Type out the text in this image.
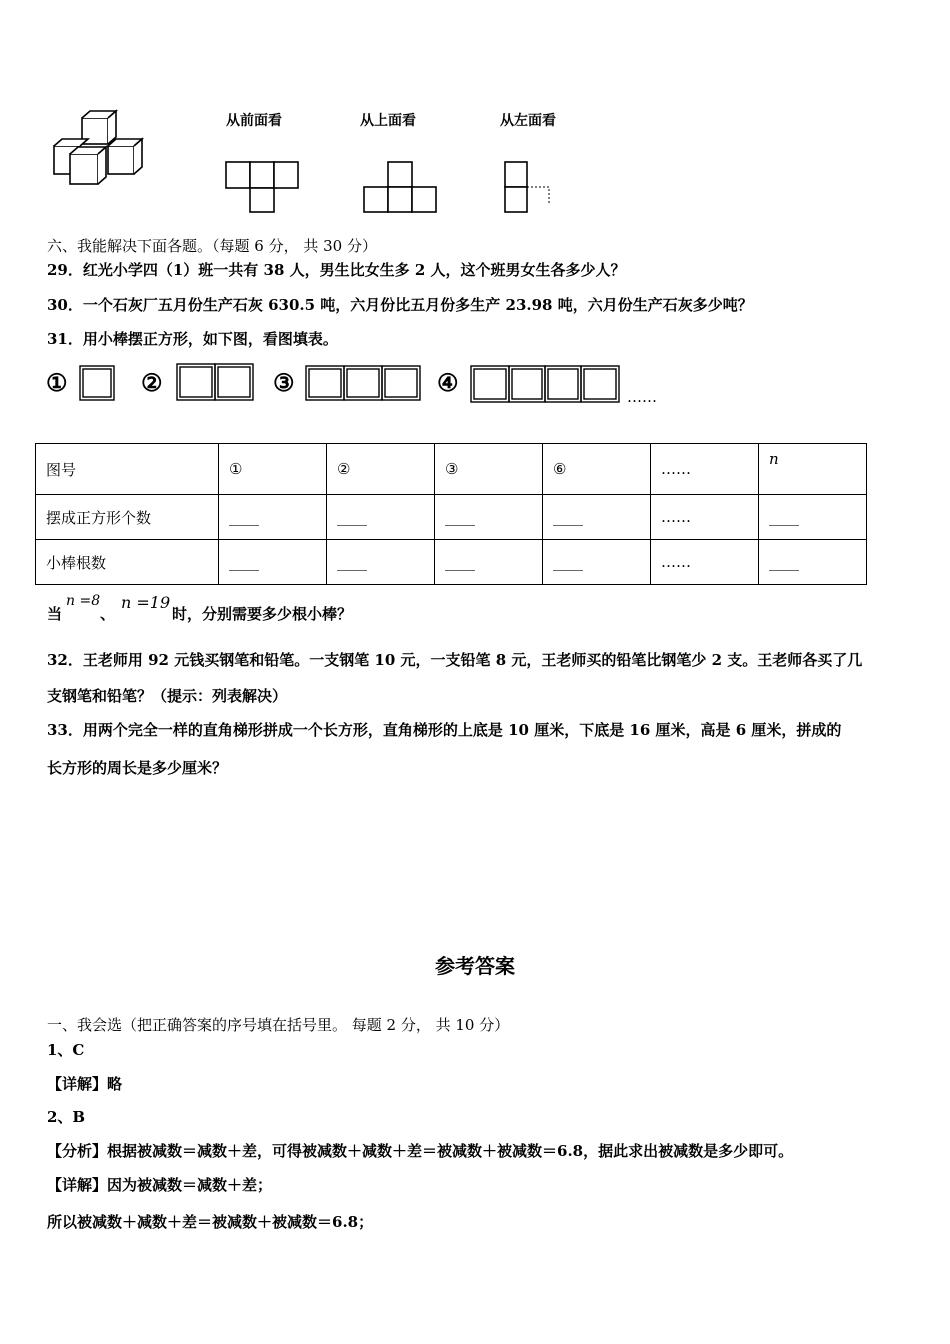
从前面看	从上面看	从左面看
六、我能解决下面各题。（每题 6 分， 共 30 分）
29．红光小学四（1）班一共有 38 人，男生比女生多 2 人，这个班男女生各多少人？
30．一个石灰厂五月份生产石灰 630.5 吨，六月份比五月份多生产 23.98 吨，六月份生产石灰多少吨？
31．用小棒摆正方形，如下图，看图填表。
①	②	③	④	……
图号	①	②	③	⑥	……	n
摆成正方形个数	____	____	____	____	……	____
小棒根数	____	____	____	____	……	____
当
n =8
、
n =19
时，分别需要多少根小棒？
32．王老师用 92 元钱买钢笔和铅笔。一支钢笔 10 元，一支铅笔 8 元，王老师买的铅笔比钢笔少 2 支。王老师各买了几
支钢笔和铅笔？（提示：列表解决）
33．用两个完全一样的直角梯形拼成一个长方形，直角梯形的上底是 10 厘米，下底是 16 厘米，高是 6 厘米，拼成的
长方形的周长是多少厘米？
参考答案
一、我会选（把正确答案的序号填在括号里。 每题 2 分， 共 10 分）
1、C
【详解】略
2、B
【分析】根据被减数＝减数＋差，可得被减数＋减数＋差＝被减数＋被减数＝6.8，据此求出被减数是多少即可。
【详解】因为被减数＝减数＋差；
所以被减数＋减数＋差＝被减数＋被减数＝6.8；
